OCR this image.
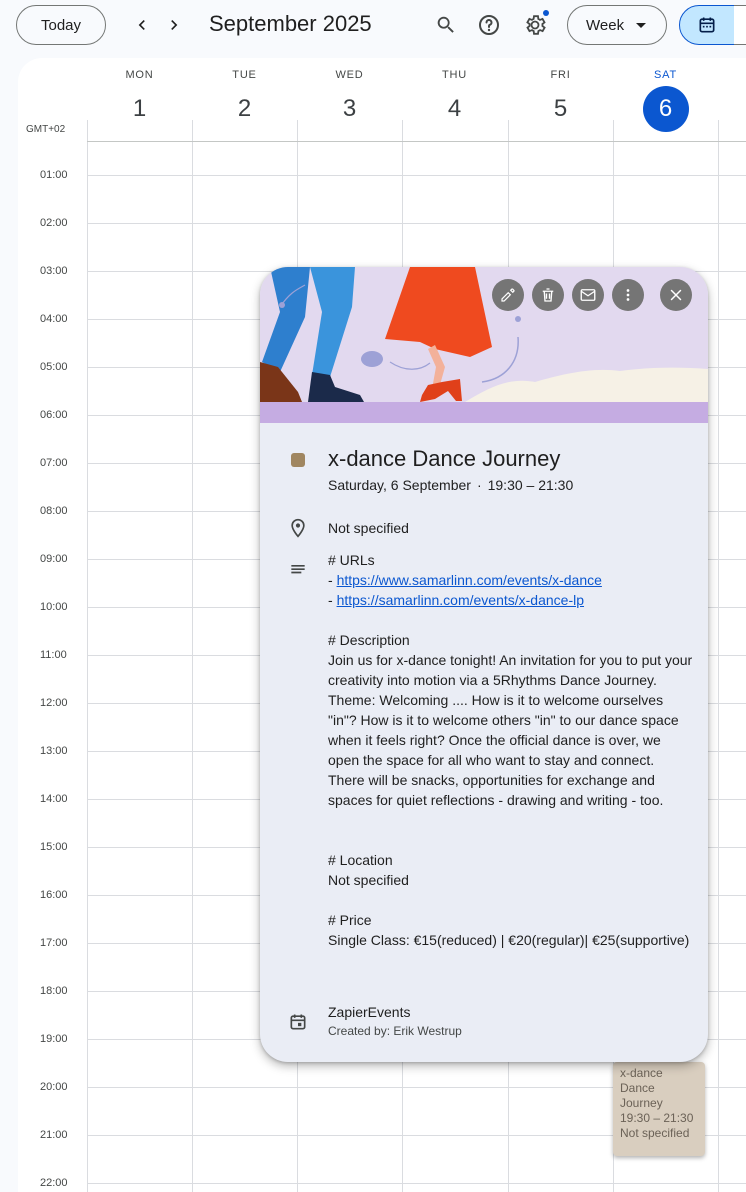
Today	September 2025	Week
MON
1
TUE
2
WED
3
THU
4
FRI
5
SAT
6
GMT+02
01:00
02:00
03:00
04:00
05:00
06:00
07:00
08:00
09:00
10:00
11:00
12:00
13:00
14:00
15:00
16:00
17:00
18:00
19:00
20:00
21:00
22:00
x-dance
Dance
Journey
19:30 – 21:30
Not specified
x-dance Dance Journey
Saturday, 6 September · 19:30 – 21:30
Not specified

# URLs

- https://www.samarlinn.com/events/x-dance

- https://samarlinn.com/events/x-dance-lp

# Description

Join us for x-dance tonight! An invitation for you to put your creativity into motion via a 5Rhythms Dance Journey. Theme: Welcoming .... How is it to welcome ourselves "in"? How is it to welcome others "in" to our dance space when it feels right? Once the official dance is over, we open the space for all who want to stay and connect. There will be snacks, opportunities for exchange and spaces for quiet reflections - drawing and writing - too.

# Location

Not specified

# Price

Single Class: €15(reduced) | €20(regular)| €25(supportive)

ZapierEvents
Created by: Erik Westrup
